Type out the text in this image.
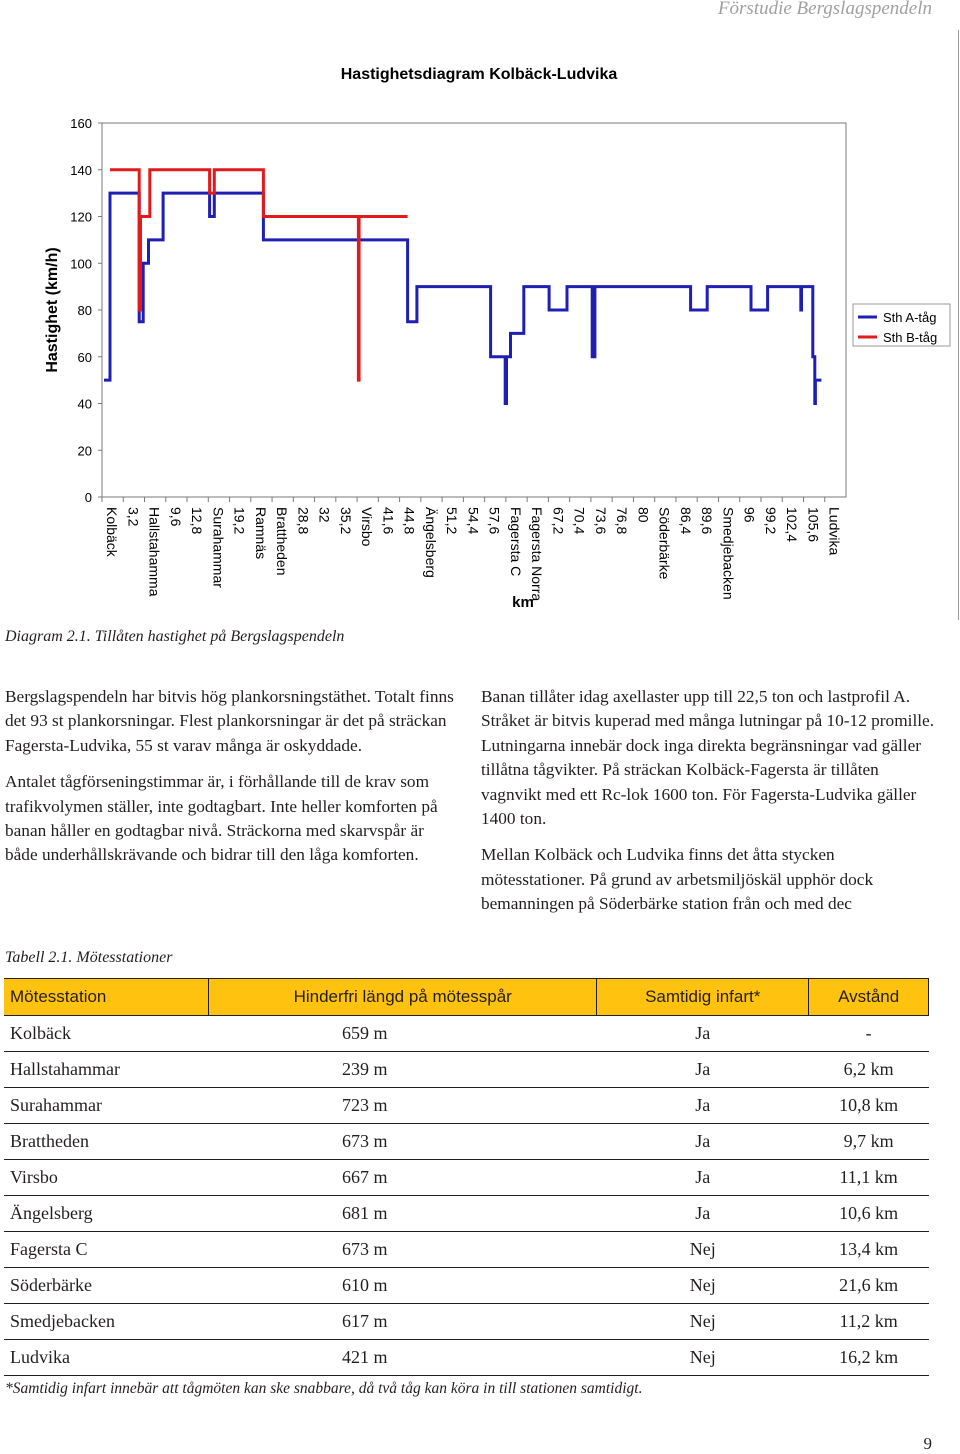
Förstudie Bergslagspendeln
Hastighetsdiagram Kolbäck-Ludvika
0
20
40
60
80
100
120
140
160
Kolbäck 3,2 Hallstahamma 9,6 12,8 Surahammar 19,2 Ramnäs Brattheden 28,8 32 35,2 Virsbo 41,6 44,8 Ängelsberg 51,2 54,4 57,6 Fagersta C Fagersta Norra 67,2 70,4 73,6 76,8 80 Söderbärke 86,4 89,6 Smedjebacken 96 99,2 102,4 105,6 Ludvika
Hastighet (km/h)
km
Sth A-tåg
Sth B-tåg
Diagram 2.1. Tillåten hastighet på Bergslagspendeln

Bergslagspendeln har bitvis hög plankorsningstäthet. Totalt finns det 93 st plankorsningar. Flest plankorsningar är det på sträckan Fagersta-Ludvika, 55 st varav många är oskyddade.

Antalet tågförseningstimmar är, i förhållande till de krav som trafikvolymen ställer, inte godtagbart. Inte heller komforten på banan håller en godtagbar nivå. Sträckorna med skarvspår är både underhållskrävande och bidrar till den låga komforten.

Banan tillåter idag axellaster upp till 22,5 ton och lastprofil A. Stråket är bitvis kuperad med många lutningar på 10-12 promille. Lutningarna innebär dock inga direkta begränsningar vad gäller tillåtna tågvikter. På sträckan Kolbäck-Fagersta är tillåten vagnvikt med ett Rc-lok 1600 ton. För Fagersta-Ludvika gäller 1400 ton.

Mellan Kolbäck och Ludvika finns det åtta stycken mötesstationer. På grund av arbetsmiljöskäl upphör dock bemanningen på Söderbärke station från och med dec

Tabell 2.1. Mötesstationer
Mötesstation	Hinderfri längd på mötesspår	Samtidig infart*	Avstånd
Kolbäck	659 m	Ja	-
Hallstahammar	239 m	Ja	6,2 km
Surahammar	723 m	Ja	10,8 km
Brattheden	673 m	Ja	9,7 km
Virsbo	667 m	Ja	11,1 km
Ängelsberg	681 m	Ja	10,6 km
Fagersta C	673 m	Nej	13,4 km
Söderbärke	610 m	Nej	21,6 km
Smedjebacken	617 m	Nej	11,2 km
Ludvika	421 m	Nej	16,2 km
*Samtidig infart innebär att tågmöten kan ske snabbare, då två tåg kan köra in till stationen samtidigt.
9
